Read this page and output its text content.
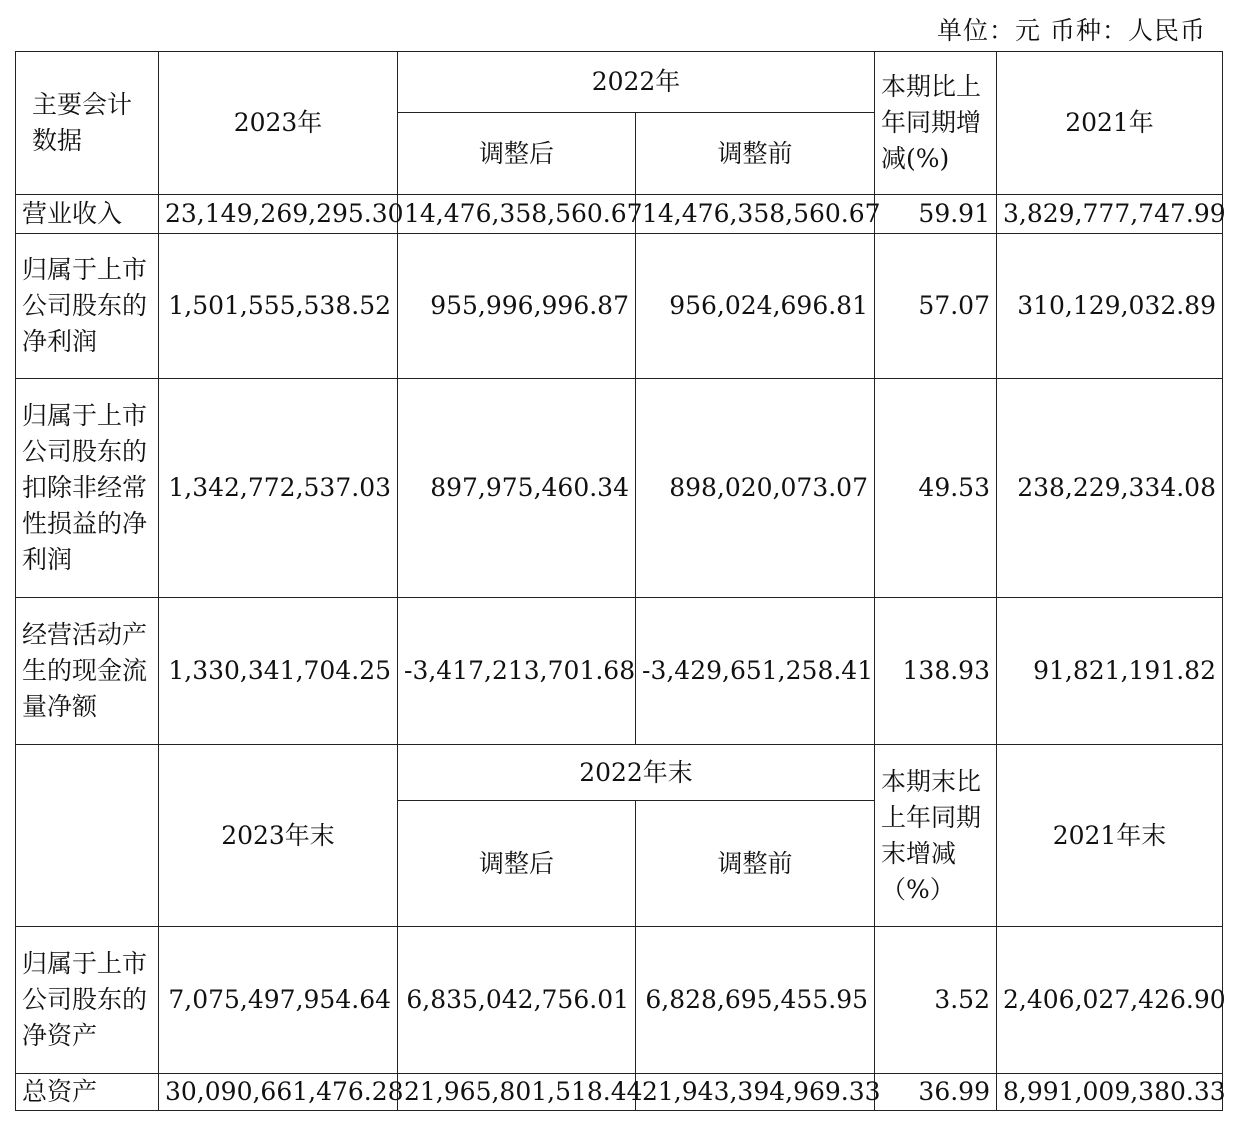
单位：元 币种：人民币
主要会计数据	2023年	2022年		本期比上年同期增减(%)	2021年
		调整后	调整前		
营业收入	23,149,269,295.30	14,476,358,560.67	14,476,358,560.67	59.91	3,829,777,747.99
归属于上市公司股东的净利润	1,501,555,538.52	955,996,996.87	956,024,696.81	57.07	310,129,032.89
归属于上市公司股东的扣除非经常性损益的净利润	1,342,772,537.03	897,975,460.34	898,020,073.07	49.53	238,229,334.08
经营活动产生的现金流量净额	1,330,341,704.25	-3,417,213,701.68	-3,429,651,258.41	138.93	91,821,191.82
	2023年末	2022年末		本期末比上年同期末增减（%）	2021年末
		调整后	调整前		
归属于上市公司股东的净资产	7,075,497,954.64	6,835,042,756.01	6,828,695,455.95	3.52	2,406,027,426.90
总资产	30,090,661,476.28	21,965,801,518.44	21,943,394,969.33	36.99	8,991,009,380.33
